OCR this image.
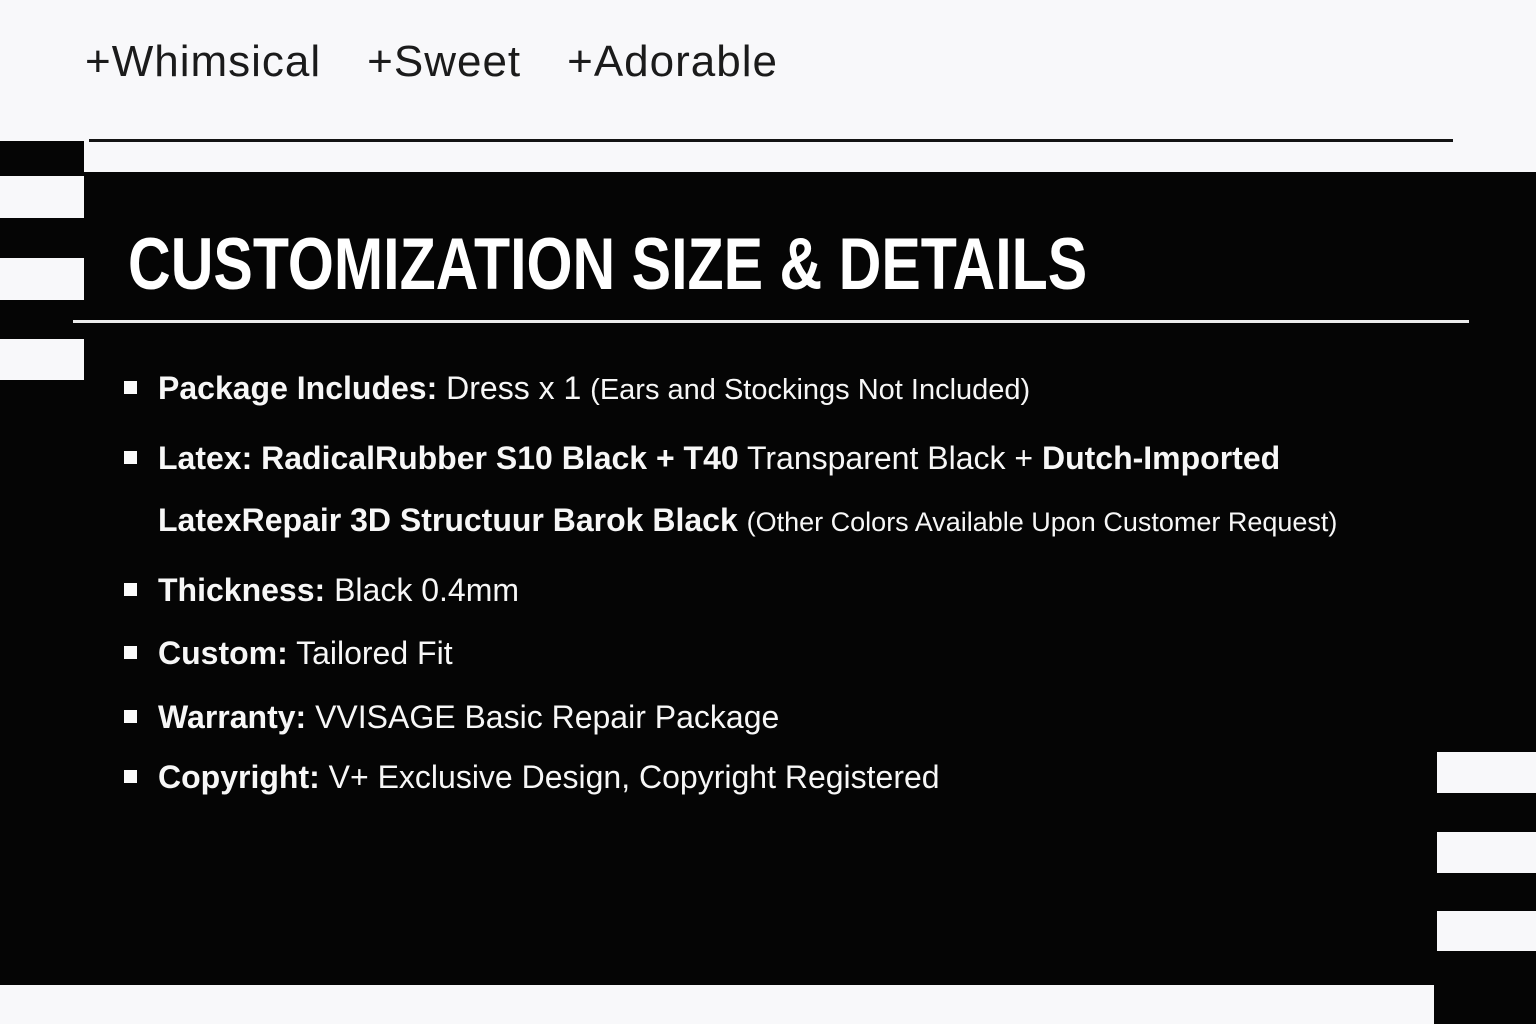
+Whimsical +Sweet +Adorable
CUSTOMIZATION SIZE & DETAILS
Package Includes: Dress x 1 (Ears and Stockings Not Included)
Latex: RadicalRubber S10 Black + T40 Transparent Black + Dutch-Imported
LatexRepair 3D Structuur Barok Black (Other Colors Available Upon Customer Request)
Thickness: Black 0.4mm
Custom: Tailored Fit
Warranty: VVISAGE Basic Repair Package
Copyright: V+ Exclusive Design, Copyright Registered
